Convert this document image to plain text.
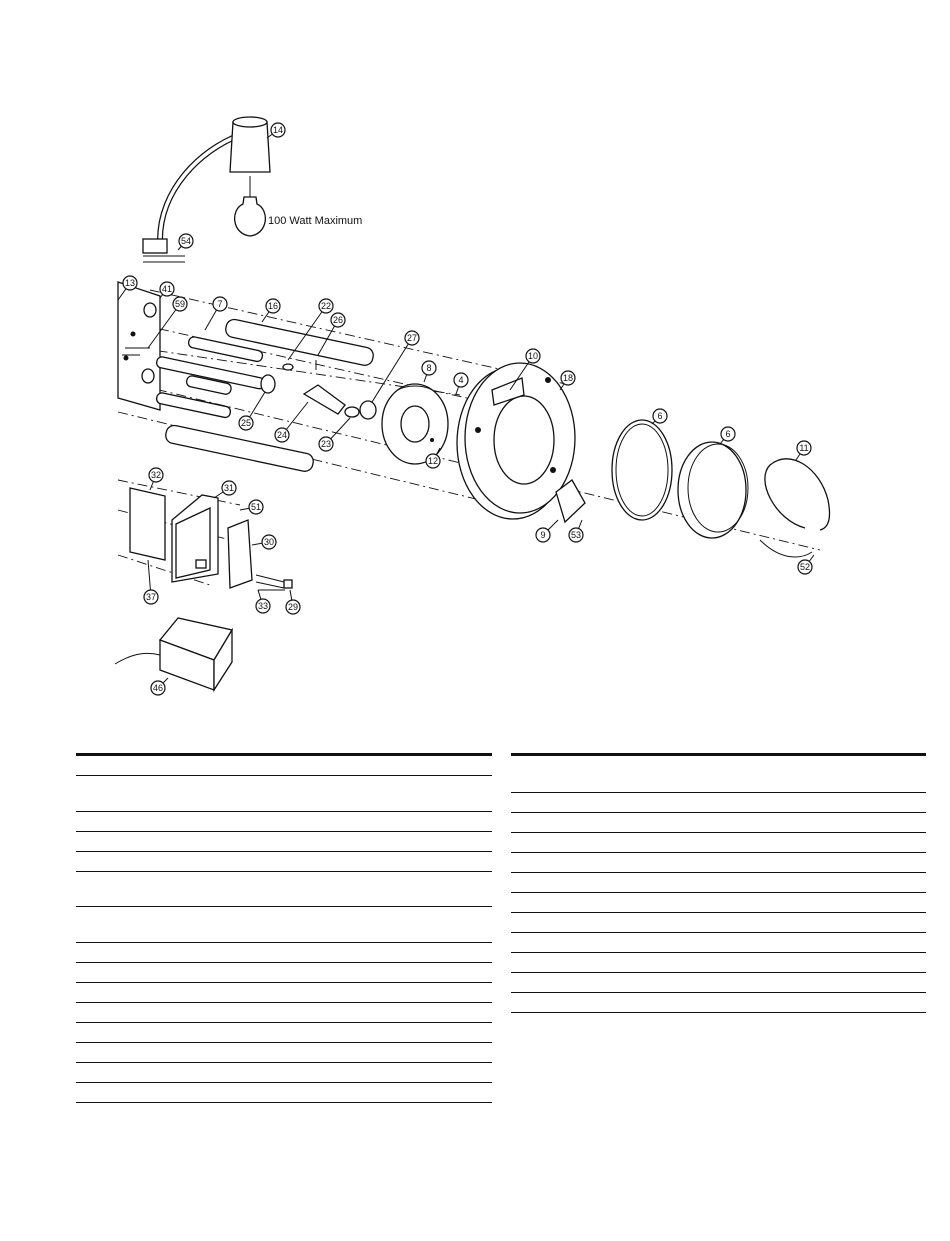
100 Watt Maximum
14
54
13
41
59	7	16	22
26
27
8
4
10
18
25
24
23
12
6
6
11
32
31
51
30
37
33 29
9	53
52
46
